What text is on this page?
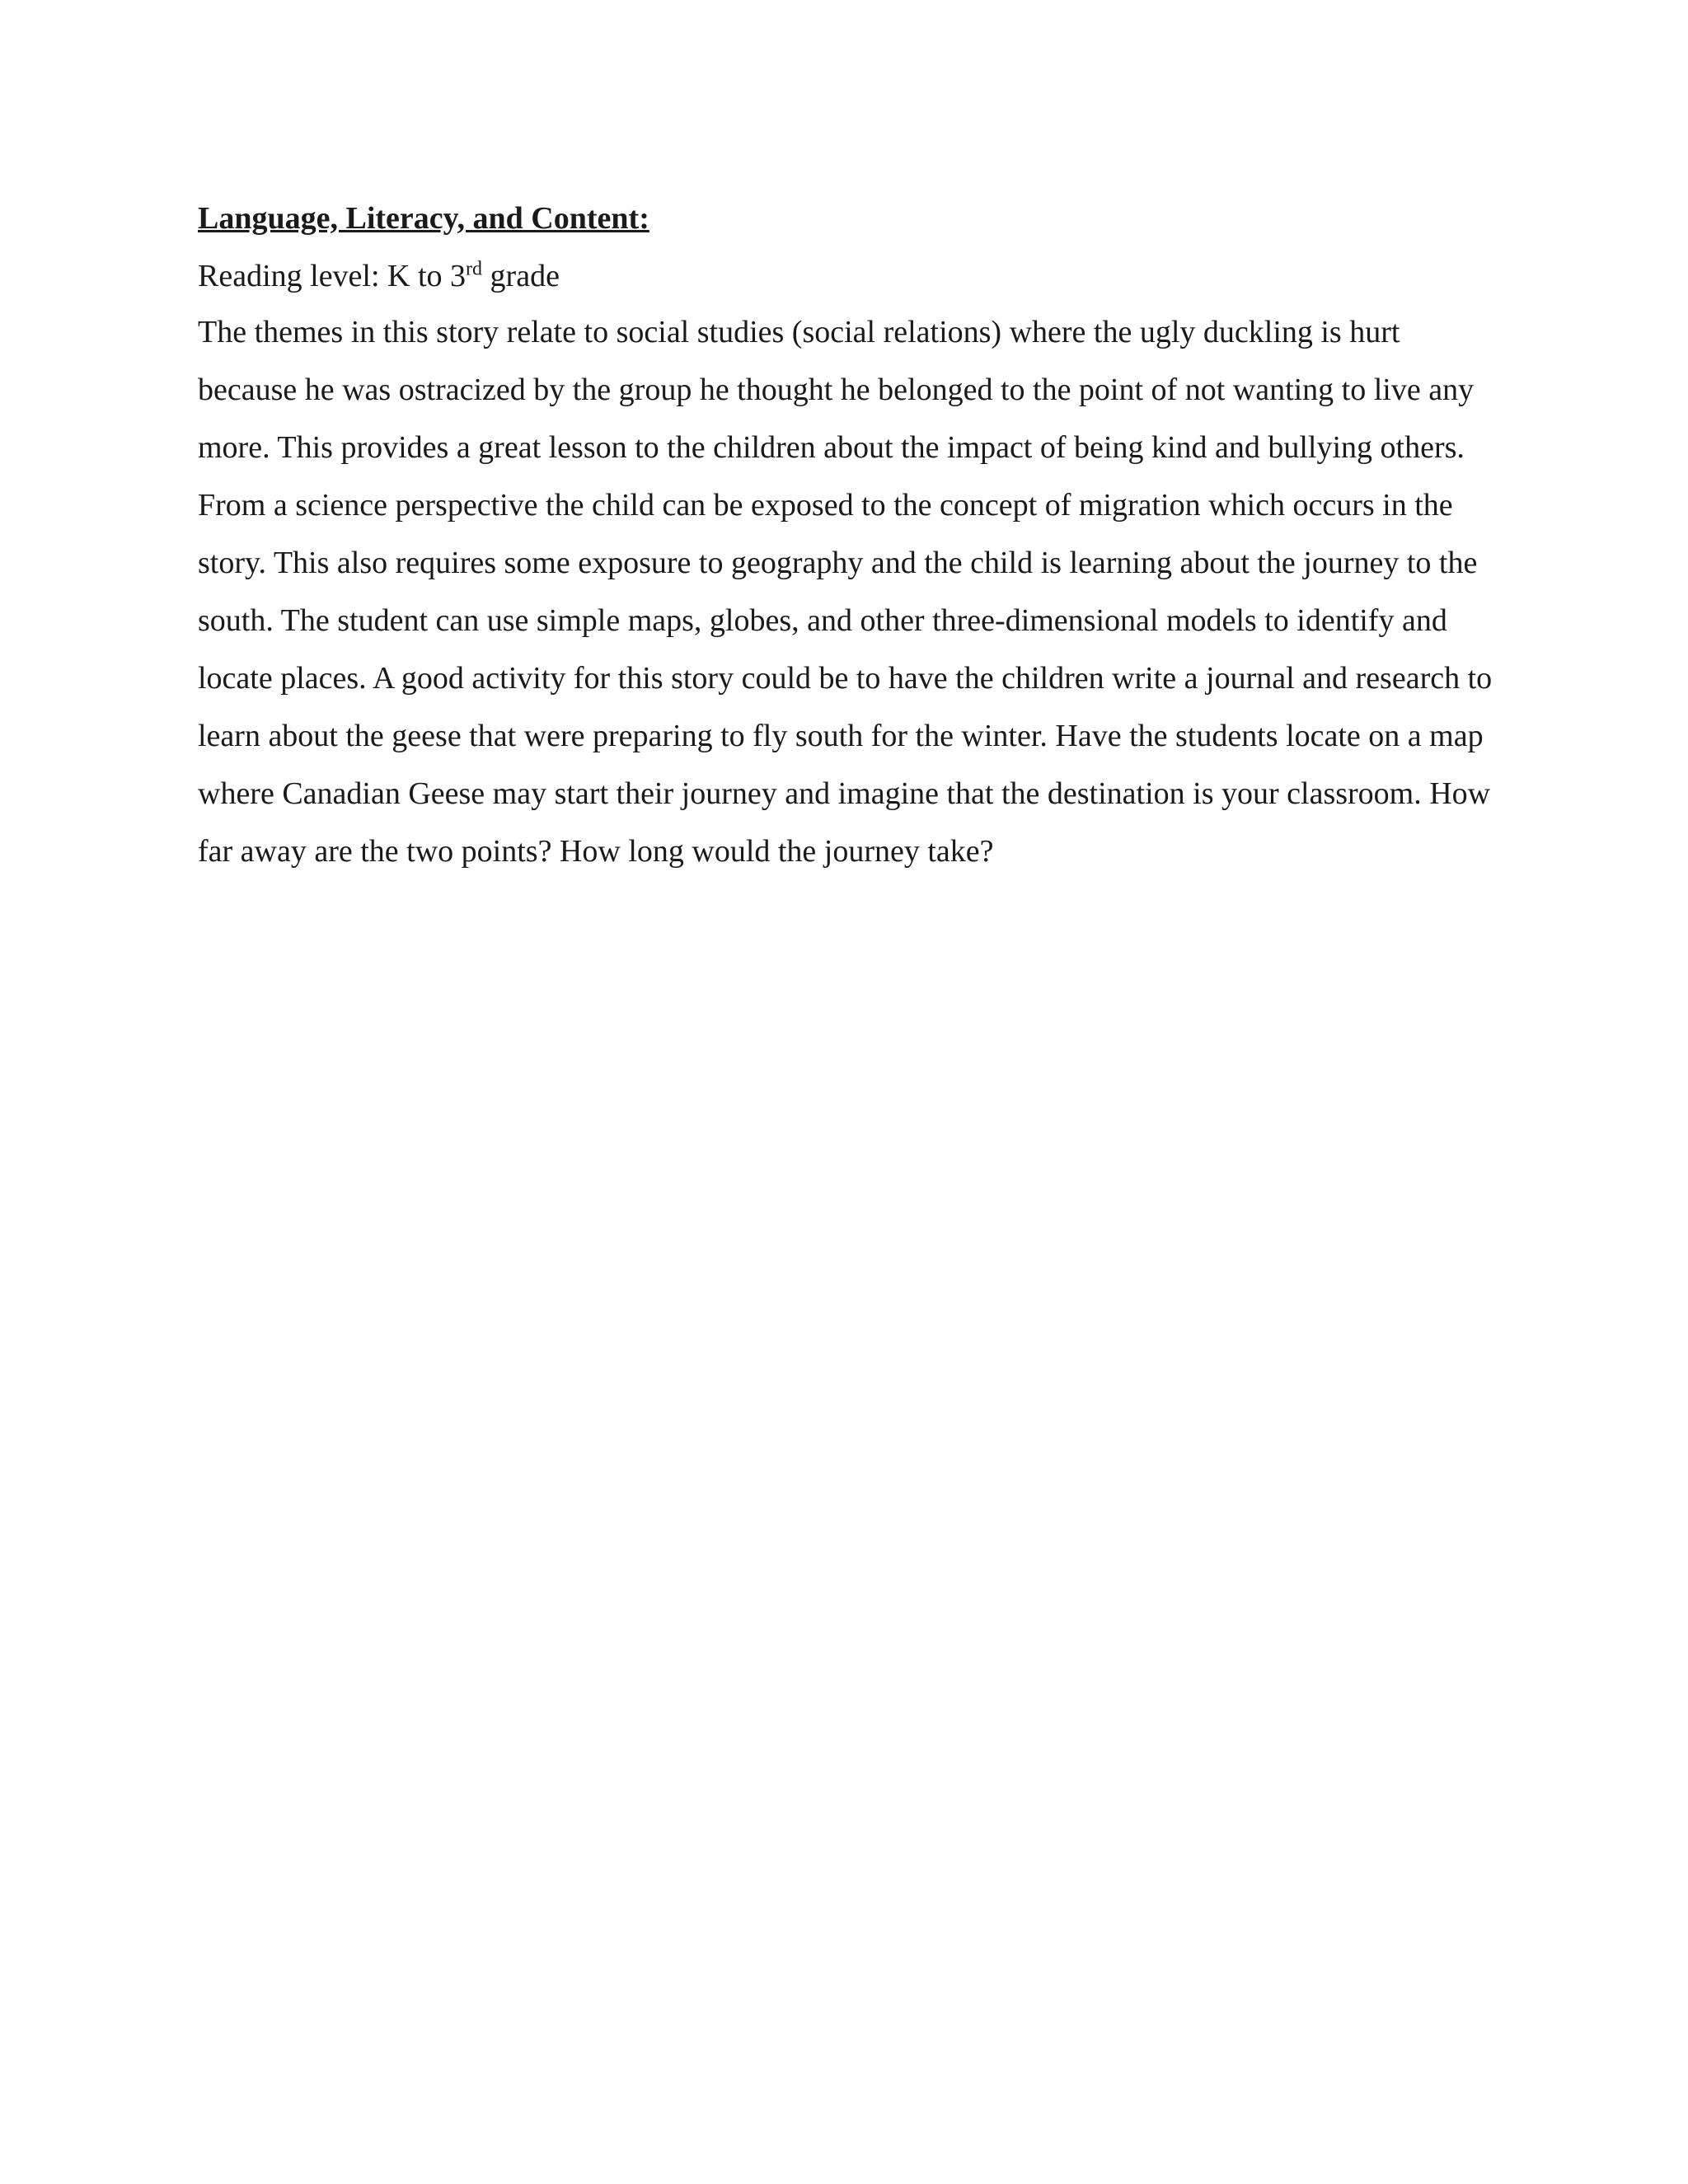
Language, Literacy, and Content:
Reading level: K to 3rd grade

The themes in this story relate to social studies (social relations) where the ugly duckling is hurt because he was ostracized by the group he thought he belonged to the point of not wanting to live any more. This provides a great lesson to the children about the impact of being kind and bullying others. From a science perspective the child can be exposed to the concept of migration which occurs in the story. This also requires some exposure to geography and the child is learning about the journey to the south. The student can use simple maps, globes, and other three-dimensional models to identify and locate places. A good activity for this story could be to have the children write a journal and research to learn about the geese that were preparing to fly south for the winter. Have the students locate on a map where Canadian Geese may start their journey and imagine that the destination is your classroom. How far away are the two points? How long would the journey take?
